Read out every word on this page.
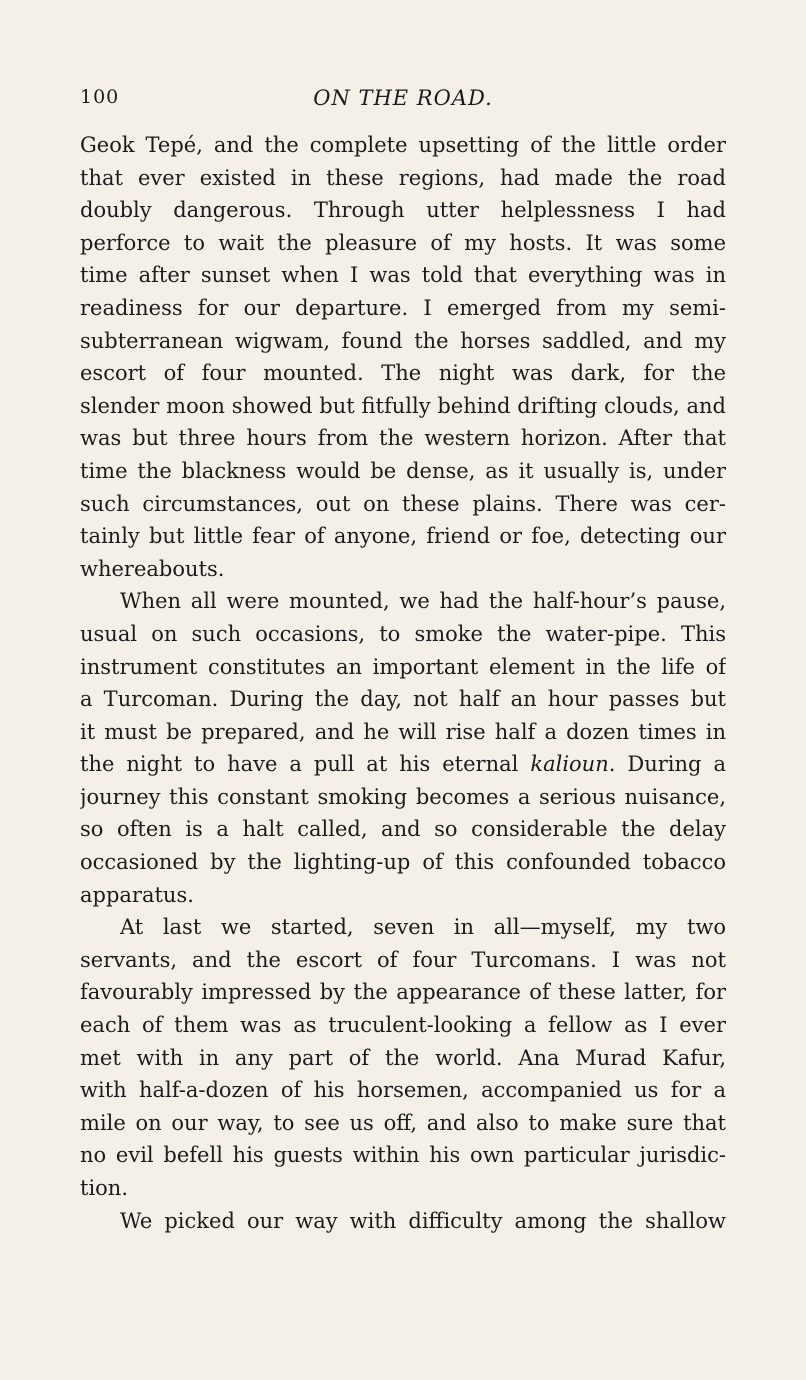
100	ON THE ROAD.
Geok Tepé, and the complete upsetting of the little order
that ever existed in these regions, had made the road
doubly dangerous. Through utter helplessness I had
perforce to wait the pleasure of my hosts. It was some
time after sunset when I was told that everything was in
readiness for our departure. I emerged from my semi-
subterranean wigwam, found the horses saddled, and my
escort of four mounted. The night was dark, for the
slender moon showed but fitfully behind drifting clouds, and
was but three hours from the western horizon. After that
time the blackness would be dense, as it usually is, under
such circumstances, out on these plains. There was cer-
tainly but little fear of anyone, friend or foe, detecting our
whereabouts.
When all were mounted, we had the half-hour’s pause,
usual on such occasions, to smoke the water-pipe. This
instrument constitutes an important element in the life of
a Turcoman. During the day, not half an hour passes but
it must be prepared, and he will rise half a dozen times in
the night to have a pull at his eternal kalioun. During a
journey this constant smoking becomes a serious nuisance,
so often is a halt called, and so considerable the delay
occasioned by the lighting-up of this confounded tobacco
apparatus.
At last we started, seven in all—myself, my two
servants, and the escort of four Turcomans. I was not
favourably impressed by the appearance of these latter, for
each of them was as truculent-looking a fellow as I ever
met with in any part of the world. Ana Murad Kafur,
with half-a-dozen of his horsemen, accompanied us for a
mile on our way, to see us off, and also to make sure that
no evil befell his guests within his own particular jurisdic-
tion.
We picked our way with difficulty among the shallow
